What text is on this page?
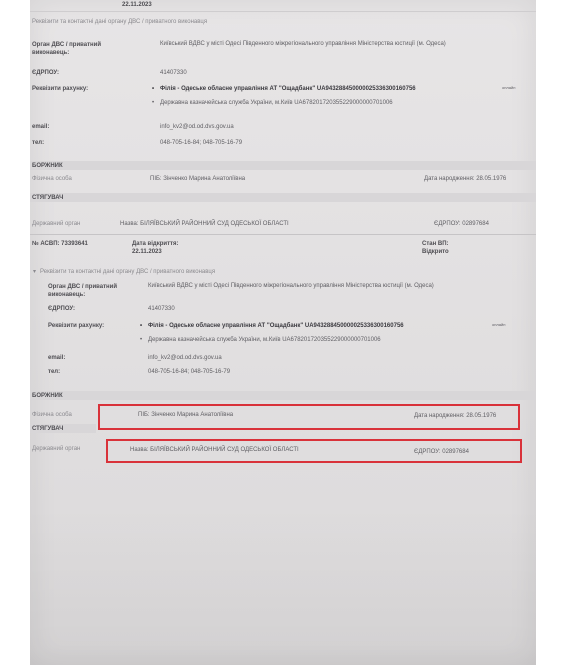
22.11.2023
Реквізити та контактні дані органу ДВС / приватного виконавця
Орган ДВС / приватний виконавець:
Київський ВДВС у місті Одесі Південного міжрегіонального управління Міністерства юстиції (м. Одеса)
ЄДРПОУ:	41407330
Реквізити рахунку:	• Філія - Одеське обласне управління АТ "Ощадбанк" UA943288450000025336300160756	онлайн
• Державна казначейська служба України, м.Київ UA678201720355229000000701006
email:	info_kv2@od.od.dvs.gov.ua
тел:	048-705-16-84; 048-705-16-79
БОРЖНИК
Фізична особа	ПІБ: Зінченко Марина Анатоліївна	Дата народження: 28.05.1976
СТЯГУВАЧ
Державний орган	Назва: БІЛЯЇВСЬКИЙ РАЙОННИЙ СУД ОДЕСЬКОЇ ОБЛАСТІ	ЄДРПОУ: 02897684
№ АСВП: 73393641	Дата відкриття:
22.11.2023
Стан ВП:
Відкрито
▾ Реквізити та контактні дані органу ДВС / приватного виконавця
Орган ДВС / приватний виконавець:
Київський ВДВС у місті Одесі Південного міжрегіонального управління Міністерства юстиції (м. Одеса)
ЄДРПОУ:	41407330
Реквізити рахунку:	• Філія - Одеське обласне управління АТ "Ощадбанк" UA943288450000025336300160756	онлайн
• Державна казначейська служба України, м.Київ UA678201720355229000000701006
email:	info_kv2@od.od.dvs.gov.ua
тел:	048-705-16-84; 048-705-16-79
БОРЖНИК
Фізична особа	ПІБ: Зінченко Марина Анатоліївна	Дата народження: 28.05.1976
СТЯГУВАЧ
Державний орган	Назва: БІЛЯЇВСЬКИЙ РАЙОННИЙ СУД ОДЕСЬКОЇ ОБЛАСТІ	ЄДРПОУ: 02897684
